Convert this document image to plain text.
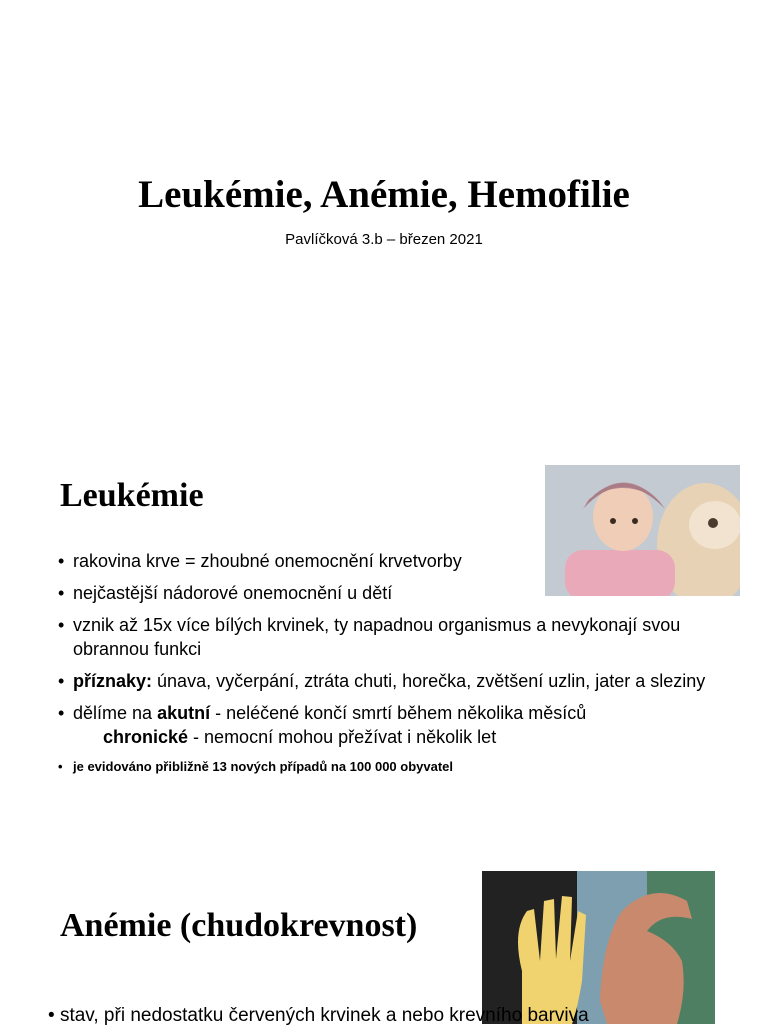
Leukémie, Anémie, Hemofilie
Pavlíčková 3.b – březen 2021
Leukémie
• rakovina krve = zhoubné onemocnění krvetvorby
• nejčastější nádorové onemocnění u dětí
• vznik až 15x více bílých krvinek, ty napadnou organismus a nevykonají svou obrannou funkci
• příznaky: únava, vyčerpání, ztráta chuti, horečka, zvětšení uzlin, jater a sleziny
• dělíme na akutní - neléčené končí smrtí během několika měsíců
chronické - nemocní mohou přežívat i několik let
• je evidováno přibližně 13 nových případů na 100 000 obyvatel
Anémie (chudokrevnost)
• stav, při nedostatku červených krvinek a nebo krevního barviva
